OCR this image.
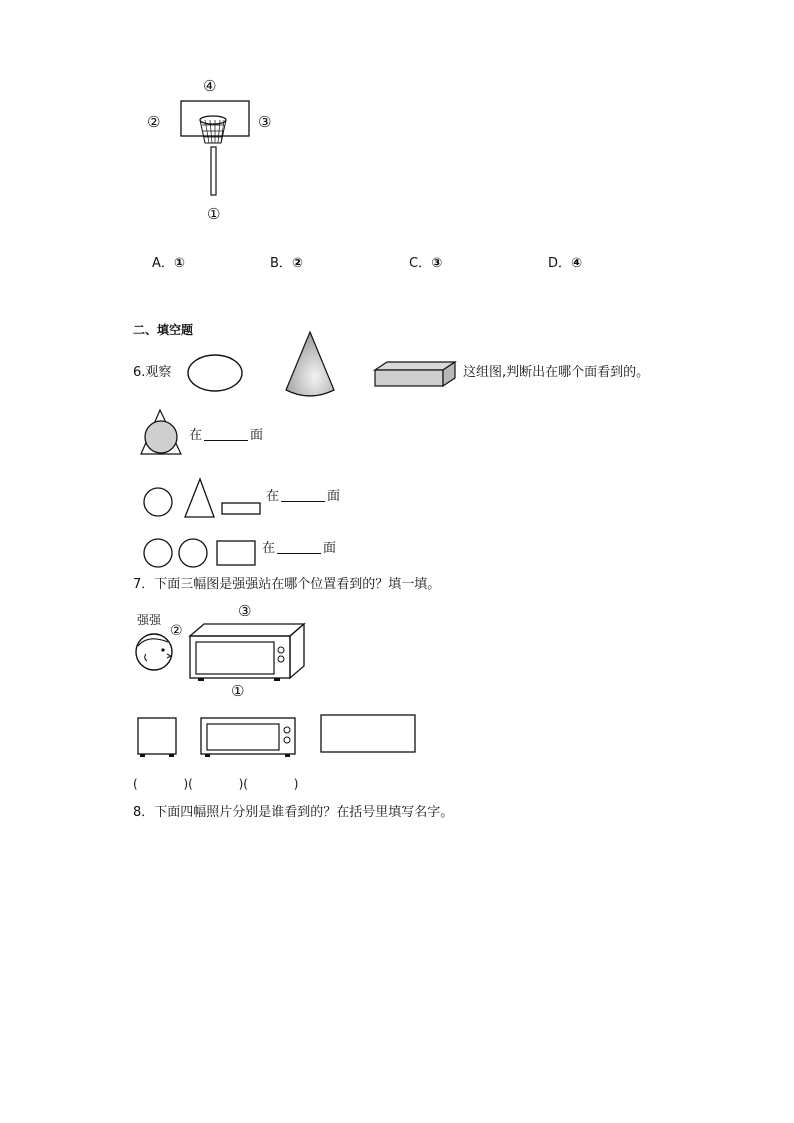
④
②	③
①
A．①	B．②	C．③	D．④
二、填空题
6.观察	这组图,判断出在哪个面看到的。
在	面
在	面
在	面
7．下面三幅图是强强站在哪个位置看到的？填一填。
③
强强
②
①
(            )(            )(            )
8．下面四幅照片分别是谁看到的？在括号里填写名字。
